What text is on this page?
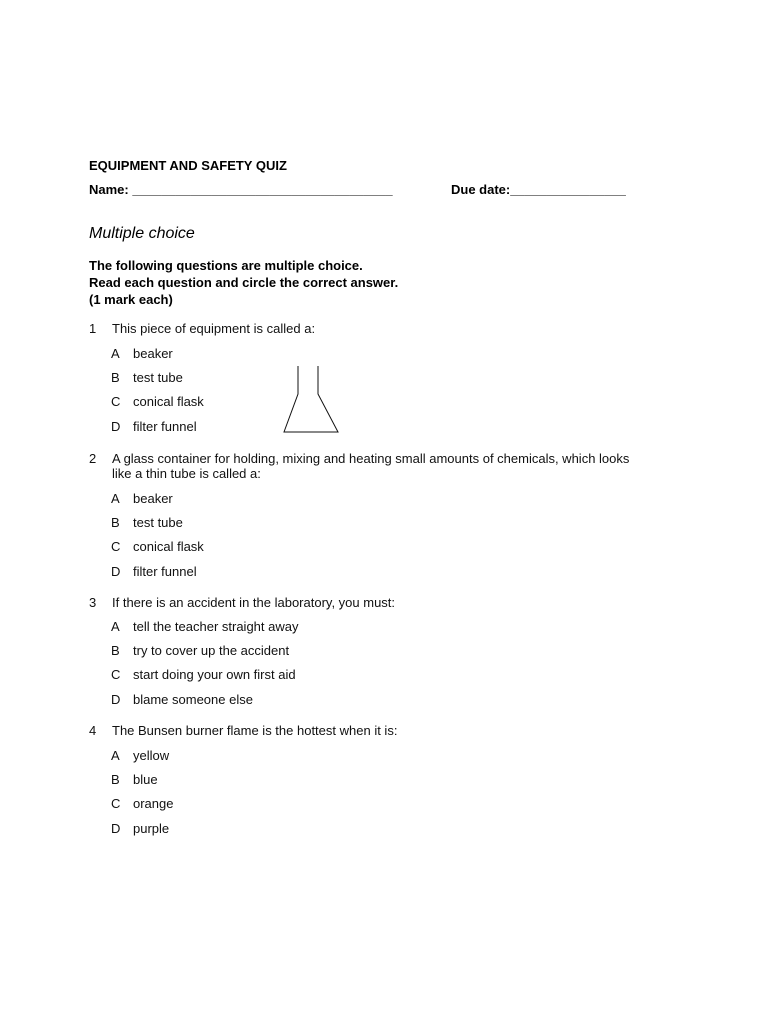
EQUIPMENT AND SAFETY QUIZ
Name: ____________________________________	Due date:________________
Multiple choice
The following questions are multiple choice.
Read each question and circle the correct answer.
(1 mark each)
1 This piece of equipment is called a:
A beaker
B test tube
C conical flask
D filter funnel
2 A glass container for holding, mixing and heating small amounts of chemicals, which looks
like a thin tube is called a:
A beaker
B test tube
C conical flask
D filter funnel
3 If there is an accident in the laboratory, you must:
A tell the teacher straight away
B try to cover up the accident
C start doing your own first aid
D blame someone else
4 The Bunsen burner flame is the hottest when it is:
A yellow
B blue
C orange
D purple
